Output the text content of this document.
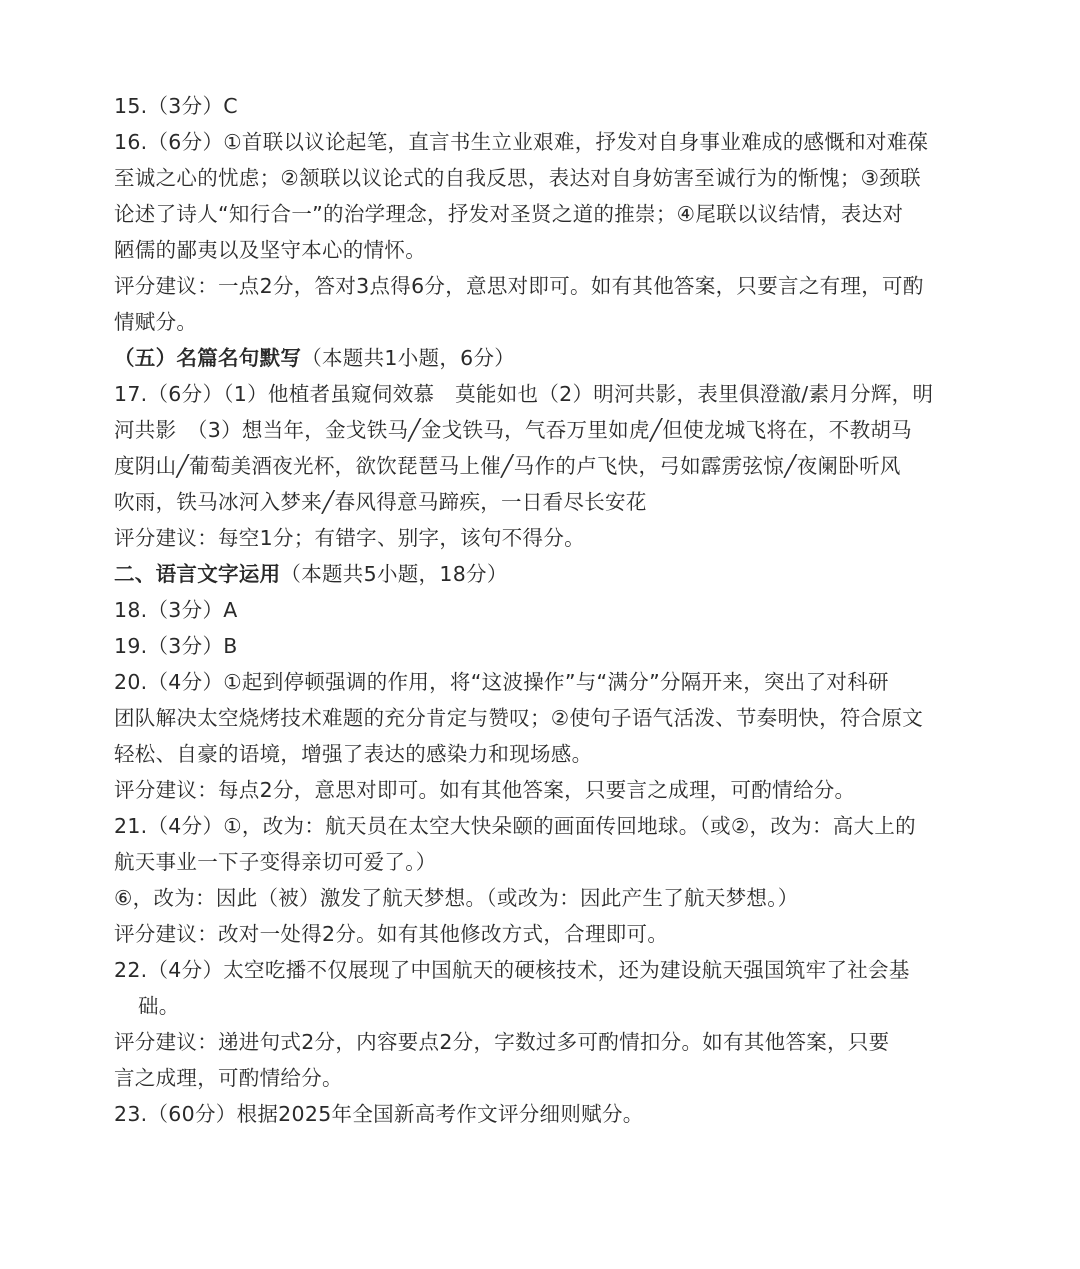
15.（3分）C
16.（6分）①首联以议论起笔，直言书生立业艰难，抒发对自身事业难成的感慨和对难葆
至诚之心的忧虑；②颔联以议论式的自我反思，表达对自身妨害至诚行为的惭愧；③颈联
论述了诗人“知行合一”的治学理念，抒发对圣贤之道的推崇；④尾联以议结情，表达对
陋儒的鄙夷以及坚守本心的情怀。
评分建议：一点2分，答对3点得6分，意思对即可。如有其他答案，只要言之有理，可酌
情赋分。
（五）名篇名句默写（本题共1小题，6分）
17.（6分）（1）他植者虽窥伺效慕　莫能如也（2）明河共影，表里俱澄澈/素月分辉，明
河共影　（3）想当年，金戈铁马╱金戈铁马，气吞万里如虎╱但使龙城飞将在，不教胡马
度阴山╱葡萄美酒夜光杯，欲饮琵琶马上催╱马作的卢飞快，弓如霹雳弦惊╱夜阑卧听风
吹雨，铁马冰河入梦来╱春风得意马蹄疾，一日看尽长安花
评分建议：每空1分；有错字、别字，该句不得分。
二、语言文字运用（本题共5小题，18分）
18.（3分）A
19.（3分）B
20.（4分）①起到停顿强调的作用，将“这波操作”与“满分”分隔开来，突出了对科研
团队解决太空烧烤技术难题的充分肯定与赞叹；②使句子语气活泼、节奏明快，符合原文
轻松、自豪的语境，增强了表达的感染力和现场感。
评分建议：每点2分，意思对即可。如有其他答案，只要言之成理，可酌情给分。
21.（4分）①，改为：航天员在太空大快朵颐的画面传回地球。（或②，改为：高大上的
航天事业一下子变得亲切可爱了。）
⑥，改为：因此（被）激发了航天梦想。（或改为：因此产生了航天梦想。）
评分建议：改对一处得2分。如有其他修改方式，合理即可。
22.（4分）太空吃播不仅展现了中国航天的硬核技术，还为建设航天强国筑牢了社会基
础。
评分建议：递进句式2分，内容要点2分，字数过多可酌情扣分。如有其他答案，只要
言之成理，可酌情给分。
23.（60分）根据2025年全国新高考作文评分细则赋分。
